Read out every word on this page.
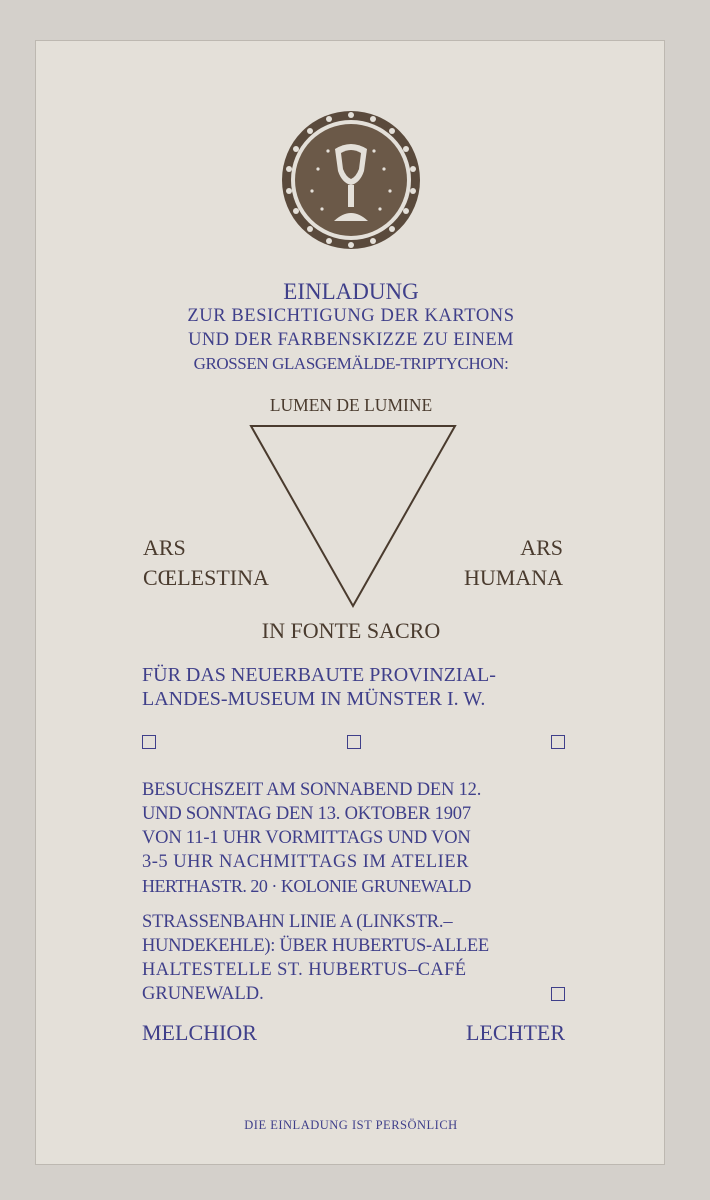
EINLADUNG
ZUR BESICHTIGUNG DER KARTONS
UND DER FARBENSKIZZE ZU EINEM
GROSSEN GLASGEMÄLDE-TRIPTYCHON:
LUMEN DE LUMINE
ARS
CŒLESTINA
ARS
HUMANA
IN FONTE SACRO
FÜR DAS NEUERBAUTE PROVINZIAL-
LANDES-MUSEUM IN MÜNSTER I. W.
BESUCHSZEIT AM SONNABEND DEN 12.
UND SONNTAG DEN 13. OKTOBER 1907
VON 11-1 UHR VORMITTAGS UND VON
3-5 UHR NACHMITTAGS IM ATELIER
HERTHASTR. 20 · KOLONIE GRUNEWALD
STRASSENBAHN LINIE A (LINKSTR.–
HUNDEKEHLE): ÜBER HUBERTUS-ALLEE
HALTESTELLE ST. HUBERTUS–CAFÉ
GRUNEWALD.
MELCHIOR	LECHTER
DIE EINLADUNG IST PERSÖNLICH
